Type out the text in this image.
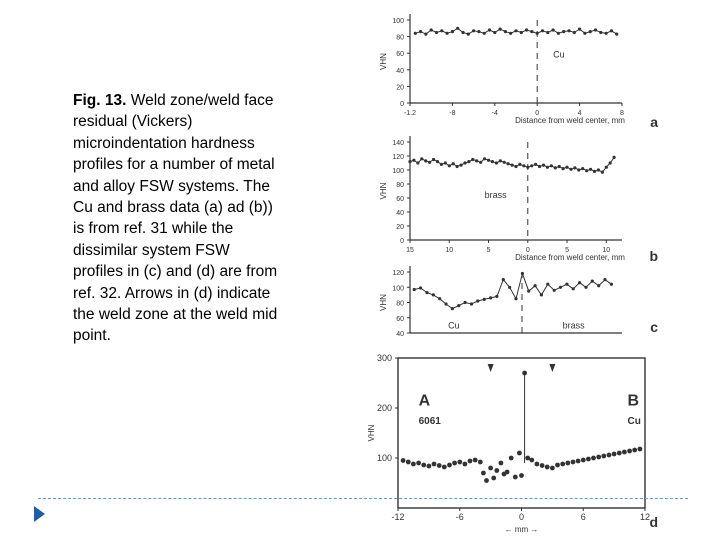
Fig. 13. Weld zone/weld face residual (Vickers) microindentation hardness profiles for a number of metal and alloy FSW systems. The Cu and brass data (a) ad (b)) is from ref. 31 while the dissimilar system FSW profiles in (c) and (d) are from ref. 32. Arrows in (d) indicate the weld zone at the weld mid point.
0
20
40
60
80
100
-1.2	-8	-4	0	4	8
VHN
Distance from weld center, mm
Cu
a
0
20
40
60
80
100
120
140
15	10	5	0	5	10
VHN
Distance from weld center, mm
brass
b
40
60
80
100
120
VHN
Cu	brass	c
100
200
300
-12	-6	0	6	12
VHN
← mm →
A
6061
B
Cu
d
